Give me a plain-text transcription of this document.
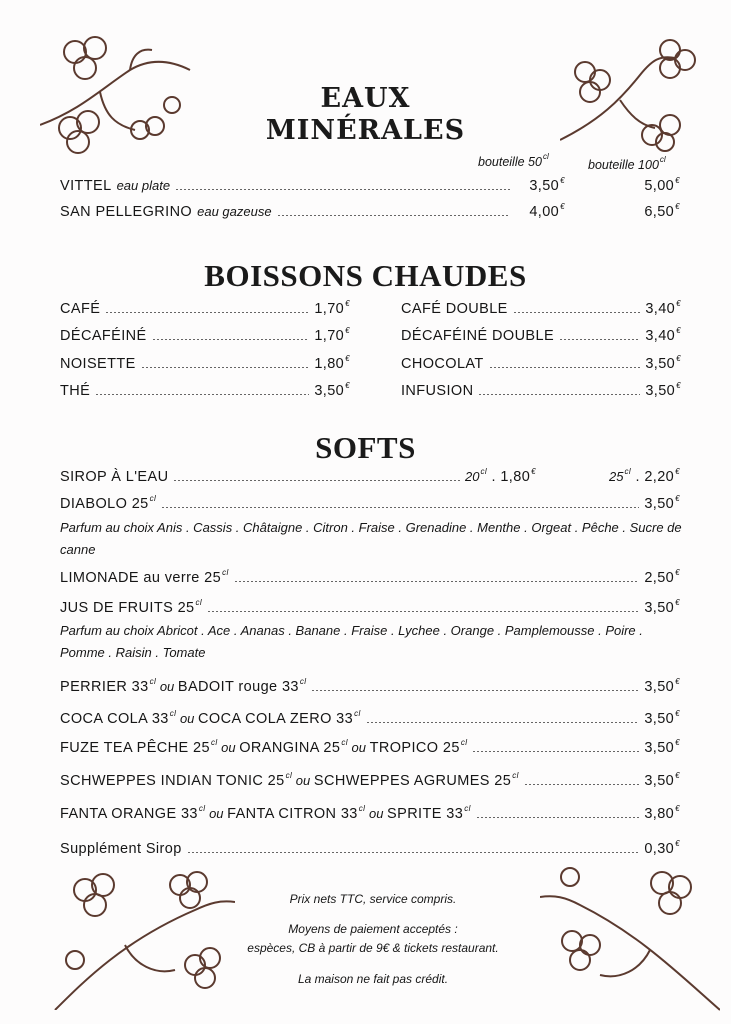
EAUX
MINÉRALES
bouteille $50^{cl}$
bouteille $100^{cl}$
VITTEL eau plate	3,50€	5,00€
SAN PELLEGRINO eau gazeuse	4,00€	6,50€
BOISSONS CHAUDES
CAFÉ	1,70€	CAFÉ DOUBLE	3,40€
DÉCAFÉINÉ	1,70€	DÉCAFÉINÉ DOUBLE	3,40€
NOISETTE	1,80€	CHOCOLAT	3,50€
THÉ	3,50€	INFUSION	3,50€
SOFTS
SIROP À L'EAU	$20^{cl}$ . 1,80€	$25^{cl}$ . 2,20€
DIABOLO $25^{cl}$	3,50€
Parfum au choix Anis . Cassis . Châtaigne . Citron . Fraise . Grenadine . Menthe . Orgeat . Pêche . Sucre de canne
LIMONADE au verre $25^{cl}$	2,50€
JUS DE FRUITS $25^{cl}$	3,50€
Parfum au choix Abricot . Ace . Ananas . Banane . Fraise . Lychee . Orange . Pamplemousse . Poire . Pomme . Raisin . Tomate
PERRIER $33^{cl}$ ou BADOIT rouge $33^{cl}$	3,50€
COCA COLA $33^{cl}$ ou COCA COLA ZERO $33^{cl}$	3,50€
FUZE TEA PÊCHE $25^{cl}$ ou ORANGINA $25^{cl}$ ou TROPICO $25^{cl}$	3,50€
SCHWEPPES INDIAN TONIC $25^{cl}$ ou SCHWEPPES AGRUMES $25^{cl}$	3,50€
FANTA ORANGE $33^{cl}$ ou FANTA CITRON $33^{cl}$ ou SPRITE $33^{cl}$	3,80€
Supplément Sirop	0,30€
Prix nets TTC, service compris.
Moyens de paiement acceptés :
espèces, CB à partir de 9€ & tickets restaurant.
La maison ne fait pas crédit.
